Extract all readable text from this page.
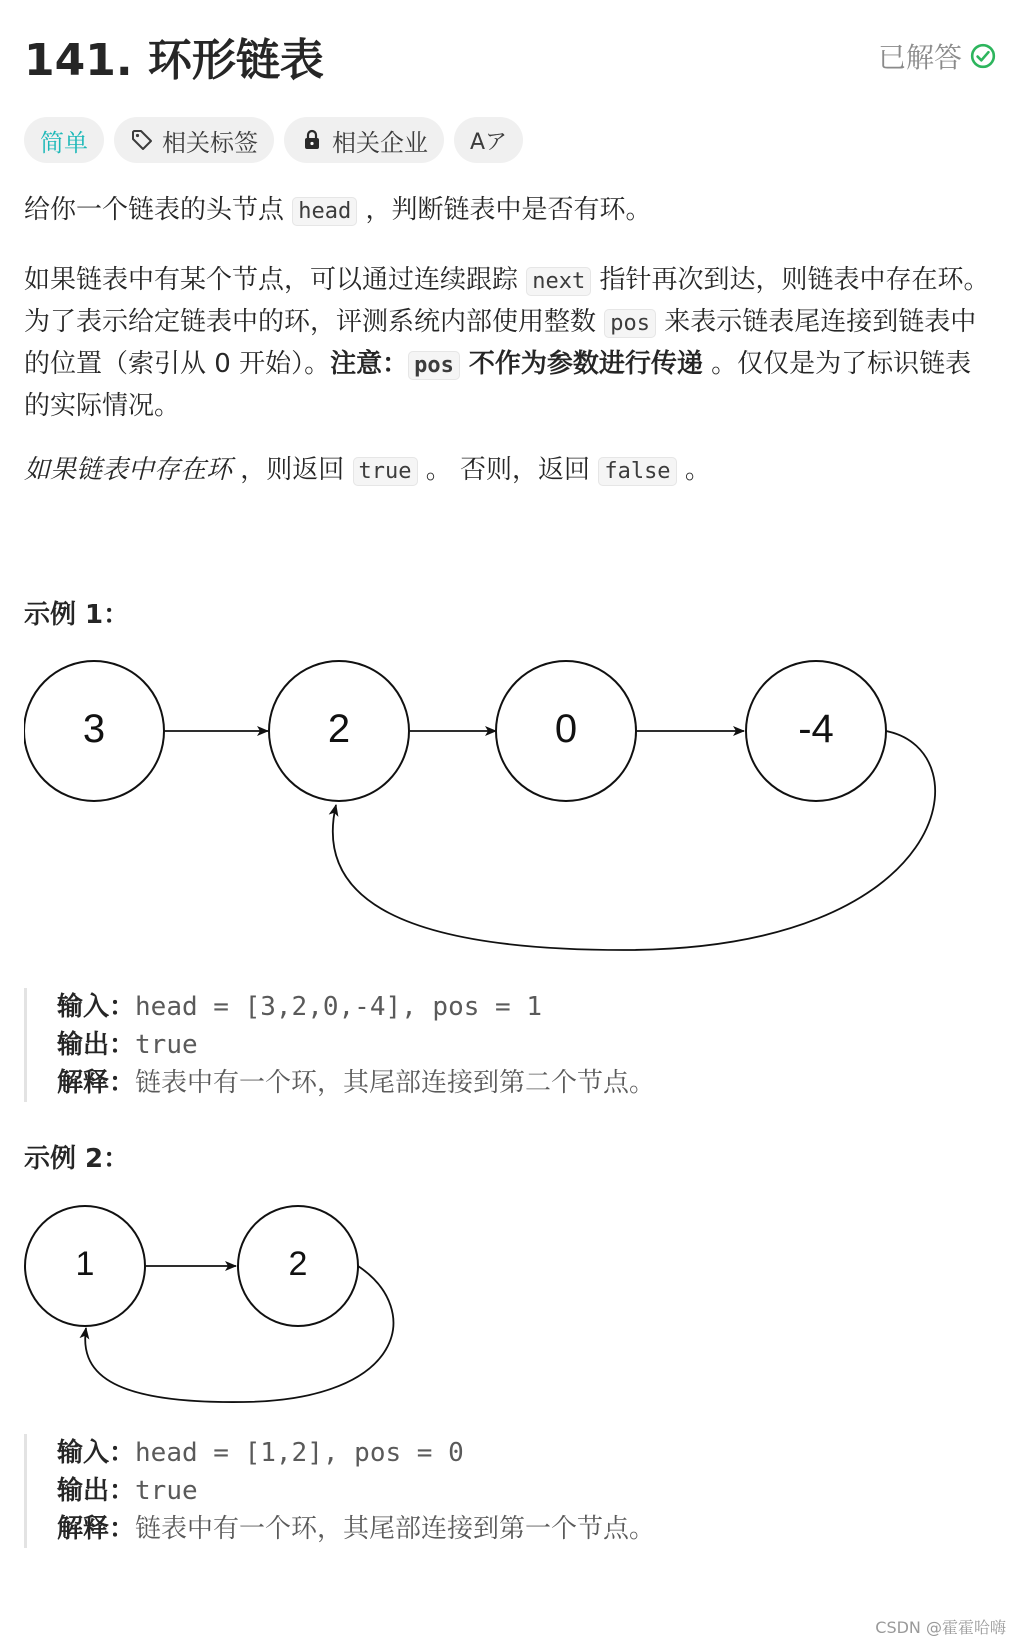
141. 环形链表	已解答
简单	相关标签	相关企业 Aア
给你一个链表的头节点 head ，判断链表中是否有环。
如果链表中有某个节点，可以通过连续跟踪 next 指针再次到达，则链表中存在环。 为了表示给定链表中的环，评测系统内部使用整数 pos 来表示链表尾连接到链表中的位置（索引从 0 开始）。注意： pos 不作为参数进行传递 。仅仅是为了标识链表的实际情况。
如果链表中存在环 ，则返回 true 。 否则，返回 false 。
示例 1：
3	2	0	-4
输入：head = [3,2,0,-4], pos = 1
输出：true
解释：链表中有一个环，其尾部连接到第二个节点。
示例 2：
1	2
输入：head = [1,2], pos = 0
输出：true
解释：链表中有一个环，其尾部连接到第一个节点。
CSDN @霍霍哈嗨
